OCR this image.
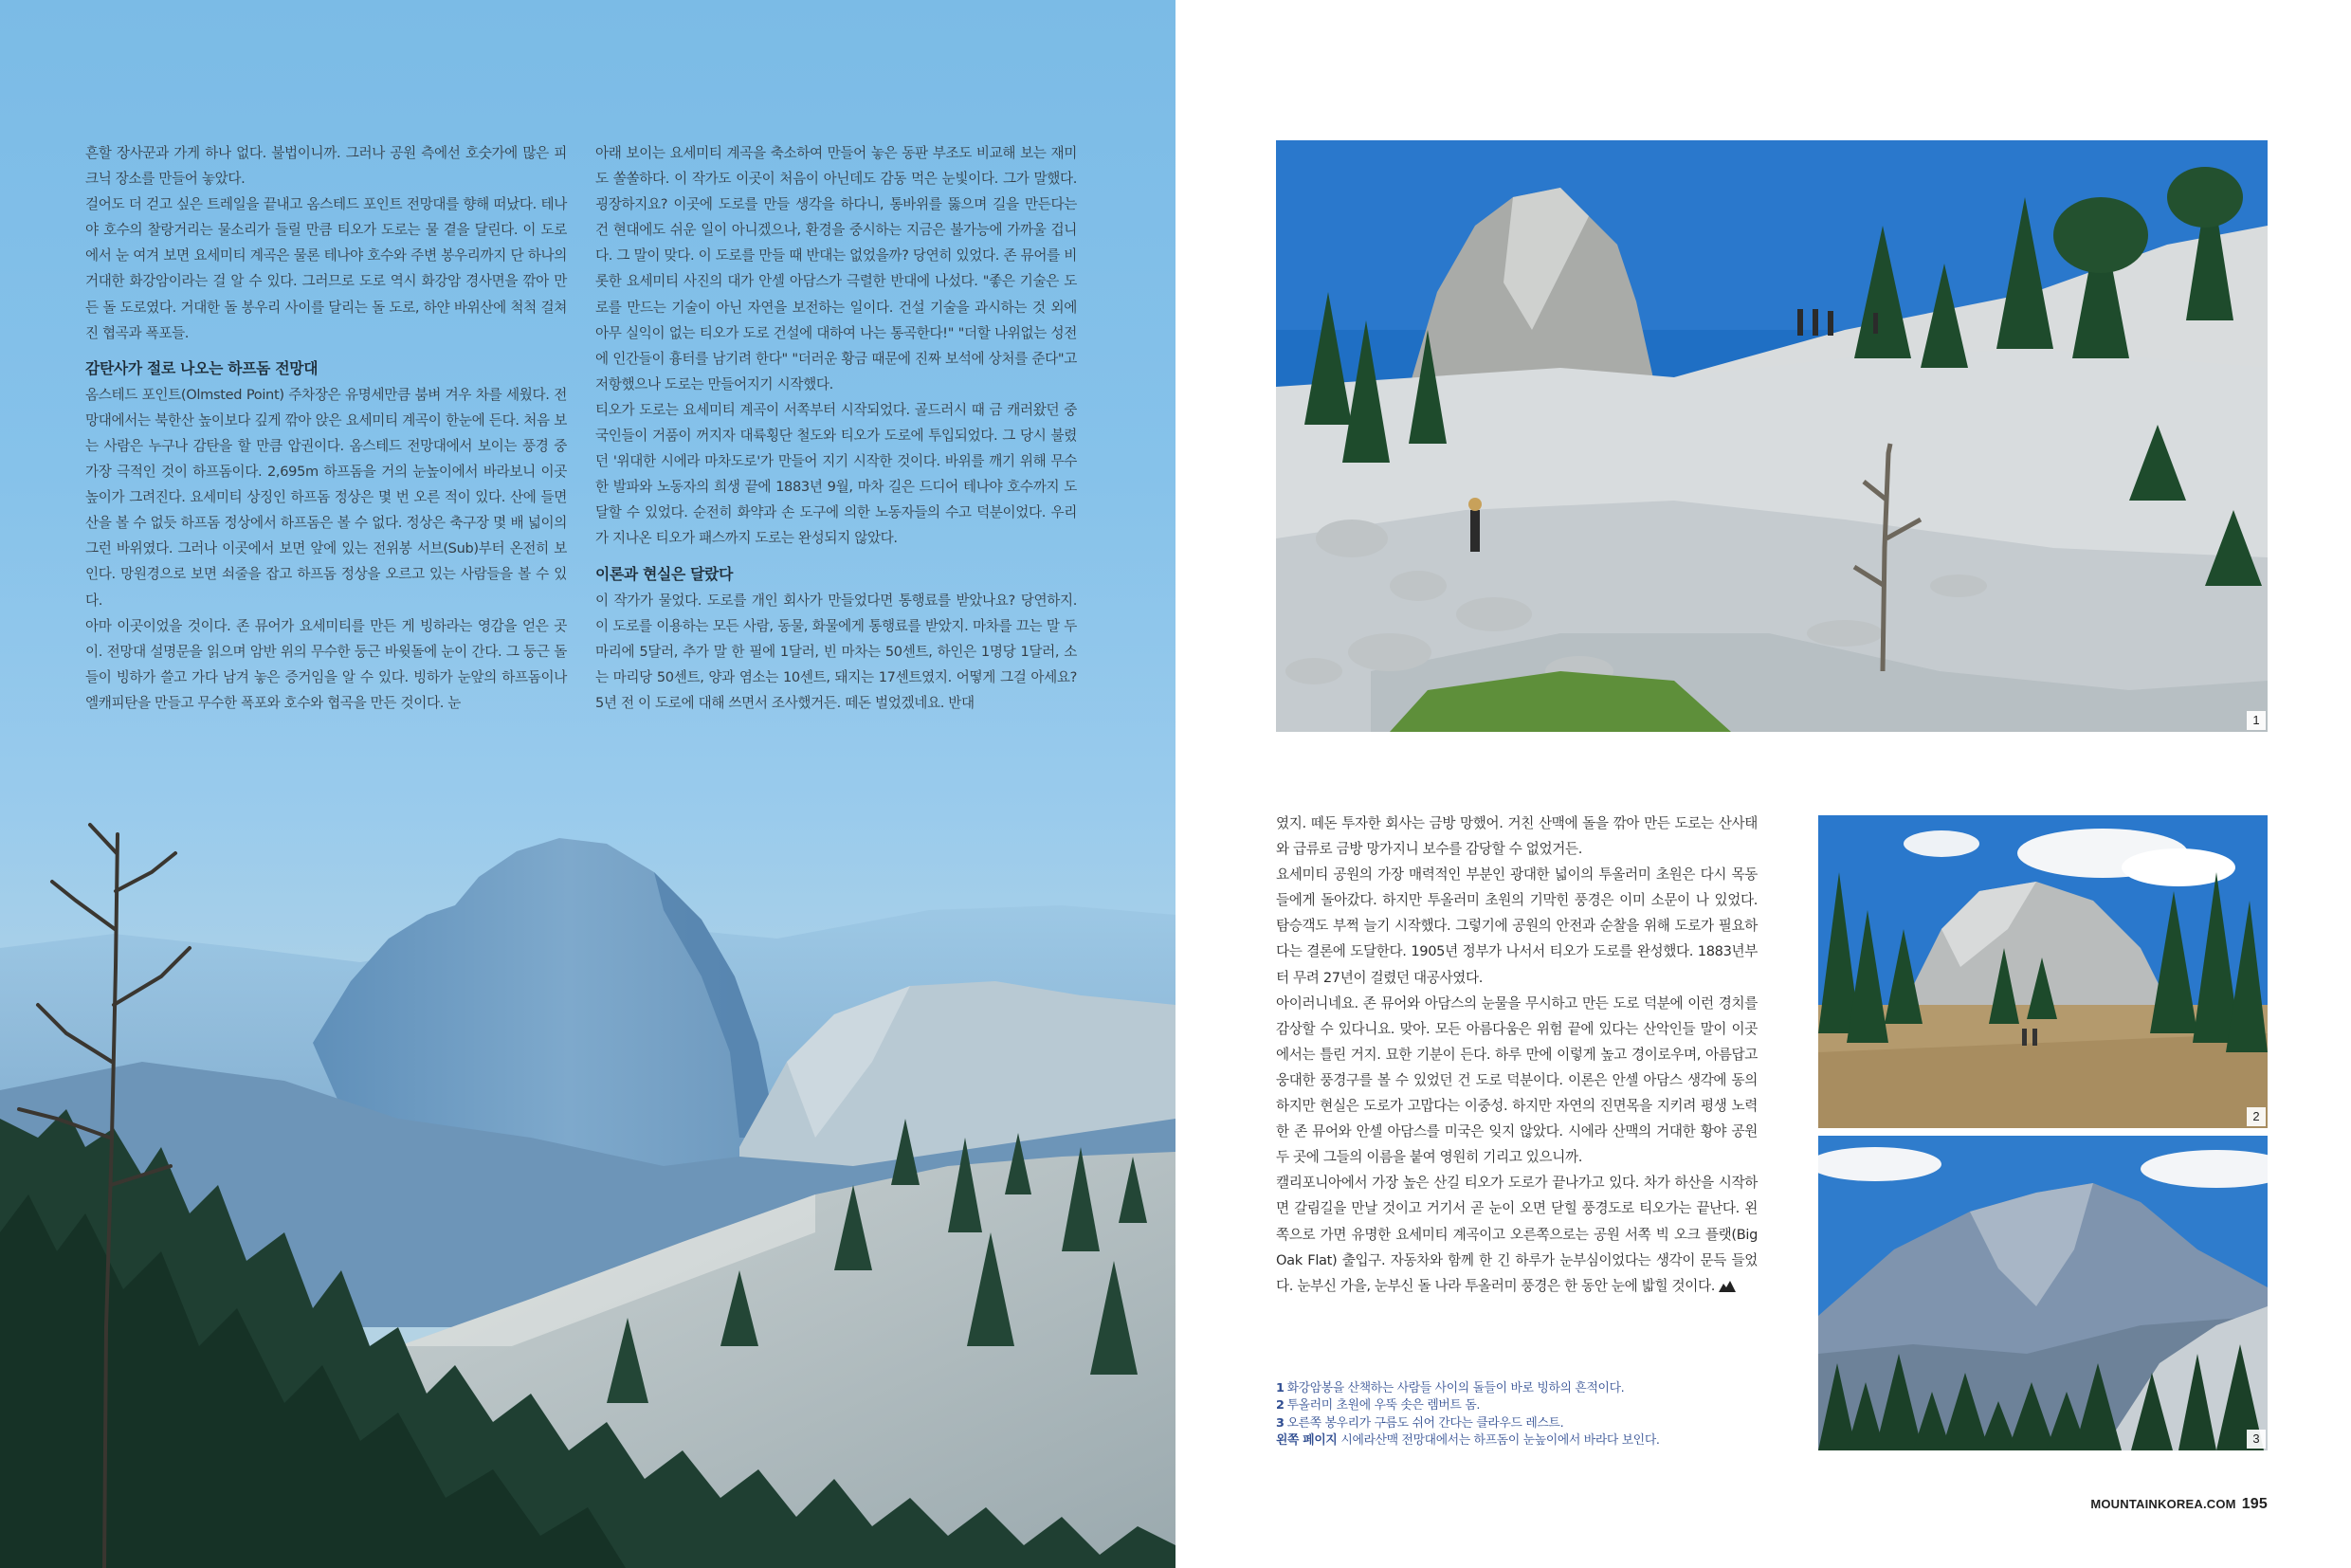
흔할 장사꾼과 가게 하나 없다. 불법이니까. 그러나 공원 측에선 호숫가에 많은 피크닉 장소를 만들어 놓았다.

걸어도 더 걷고 싶은 트레일을 끝내고 옴스테드 포인트 전망대를 향해 떠났다. 테나야 호수의 찰랑거리는 물소리가 들릴 만큼 티오가 도로는 물 곁을 달린다. 이 도로에서 눈 여겨 보면 요세미티 계곡은 물론 테나야 호수와 주변 봉우리까지 단 하나의 거대한 화강암이라는 걸 알 수 있다. 그러므로 도로 역시 화강암 경사면을 깎아 만든 돌 도로였다. 거대한 돌 봉우리 사이를 달리는 돌 도로, 하얀 바위산에 척척 걸쳐진 협곡과 폭포들.

감탄사가 절로 나오는 하프돔 전망대

옴스테드 포인트(Olmsted Point) 주차장은 유명세만큼 붐벼 겨우 차를 세웠다. 전망대에서는 북한산 높이보다 깊게 깎아 앉은 요세미티 계곡이 한눈에 든다. 처음 보는 사람은 누구나 감탄을 할 만큼 압권이다. 옴스테드 전망대에서 보이는 풍경 중 가장 극적인 것이 하프돔이다. 2,695m 하프돔을 거의 눈높이에서 바라보니 이곳 높이가 그려진다. 요세미티 상징인 하프돔 정상은 몇 번 오른 적이 있다. 산에 들면 산을 볼 수 없듯 하프돔 정상에서 하프돔은 볼 수 없다. 정상은 축구장 몇 배 넓이의 그런 바위였다. 그러나 이곳에서 보면 앞에 있는 전위봉 서브(Sub)부터 온전히 보인다. 망원경으로 보면 쇠줄을 잡고 하프돔 정상을 오르고 있는 사람들을 볼 수 있다.

아마 이곳이었을 것이다. 존 뮤어가 요세미티를 만든 게 빙하라는 영감을 얻은 곳이. 전망대 설명문을 읽으며 암반 위의 무수한 둥근 바윗돌에 눈이 간다. 그 둥근 돌들이 빙하가 쓸고 가다 남겨 놓은 증거임을 알 수 있다. 빙하가 눈앞의 하프돔이나 엘캐피탄을 만들고 무수한 폭포와 호수와 협곡을 만든 것이다. 눈

아래 보이는 요세미티 계곡을 축소하여 만들어 놓은 동판 부조도 비교해 보는 재미도 쏠쏠하다. 이 작가도 이곳이 처음이 아닌데도 감동 먹은 눈빛이다. 그가 말했다. 굉장하지요? 이곳에 도로를 만들 생각을 하다니, 통바위를 뚫으며 길을 만든다는 건 현대에도 쉬운 일이 아니겠으나, 환경을 중시하는 지금은 불가능에 가까울 겁니다. 그 말이 맞다. 이 도로를 만들 때 반대는 없었을까? 당연히 있었다. 존 뮤어를 비롯한 요세미티 사진의 대가 안셀 아담스가 극렬한 반대에 나섰다. "좋은 기술은 도로를 만드는 기술이 아닌 자연을 보전하는 일이다. 건설 기술을 과시하는 것 외에 아무 실익이 없는 티오가 도로 건설에 대하여 나는 통곡한다!" "더할 나위없는 성전에 인간들이 흉터를 남기려 한다" "더러운 황금 때문에 진짜 보석에 상처를 준다"고 저항했으나 도로는 만들어지기 시작했다.

티오가 도로는 요세미티 계곡이 서쪽부터 시작되었다. 골드러시 때 금 캐러왔던 중국인들이 거품이 꺼지자 대륙횡단 철도와 티오가 도로에 투입되었다. 그 당시 불렸던 '위대한 시에라 마차도로'가 만들어 지기 시작한 것이다. 바위를 깨기 위해 무수한 발파와 노동자의 희생 끝에 1883년 9월, 마차 길은 드디어 테나야 호수까지 도달할 수 있었다. 순전히 화약과 손 도구에 의한 노동자들의 수고 덕분이었다. 우리가 지나온 티오가 패스까지 도로는 완성되지 않았다.

이론과 현실은 달랐다

이 작가가 물었다. 도로를 개인 회사가 만들었다면 통행료를 받았나요? 당연하지. 이 도로를 이용하는 모든 사람, 동물, 화물에게 통행료를 받았지. 마차를 끄는 말 두 마리에 5달러, 추가 말 한 필에 1달러, 빈 마차는 50센트, 하인은 1명당 1달러, 소는 마리당 50센트, 양과 염소는 10센트, 돼지는 17센트였지. 어떻게 그걸 아세요? 5년 전 이 도로에 대해 쓰면서 조사했거든. 떼돈 벌었겠네요. 반대

1

였지. 떼돈 투자한 회사는 금방 망했어. 거친 산맥에 돌을 깎아 만든 도로는 산사태와 급류로 금방 망가지니 보수를 감당할 수 없었거든.

요세미티 공원의 가장 매력적인 부분인 광대한 넓이의 투올러미 초원은 다시 목동들에게 돌아갔다. 하지만 투올러미 초원의 기막힌 풍경은 이미 소문이 나 있었다. 탐승객도 부쩍 늘기 시작했다. 그렇기에 공원의 안전과 순찰을 위해 도로가 필요하다는 결론에 도달한다. 1905년 정부가 나서서 티오가 도로를 완성했다. 1883년부터 무려 27년이 걸렸던 대공사였다.

아이러니네요. 존 뮤어와 아담스의 눈물을 무시하고 만든 도로 덕분에 이런 경치를 감상할 수 있다니요. 맞아. 모든 아름다움은 위험 끝에 있다는 산악인들 말이 이곳에서는 틀린 거지. 묘한 기분이 든다. 하루 만에 이렇게 높고 경이로우며, 아름답고 웅대한 풍경구를 볼 수 있었던 건 도로 덕분이다. 이론은 안셀 아담스 생각에 동의하지만 현실은 도로가 고맙다는 이중성. 하지만 자연의 진면목을 지키려 평생 노력한 존 뮤어와 안셀 아담스를 미국은 잊지 않았다. 시에라 산맥의 거대한 황야 공원 두 곳에 그들의 이름을 붙여 영원히 기리고 있으니까.

캘리포니아에서 가장 높은 산길 티오가 도로가 끝나가고 있다. 차가 하산을 시작하면 갈림길을 만날 것이고 거기서 곧 눈이 오면 닫힐 풍경도로 티오가는 끝난다. 왼쪽으로 가면 유명한 요세미티 계곡이고 오른쪽으로는 공원 서쪽 빅 오크 플랫(Big Oak Flat) 출입구. 자동차와 함께 한 긴 하루가 눈부심이었다는 생각이 문득 들었다. 눈부신 가을, 눈부신 돌 나라 투올러미 풍경은 한 동안 눈에 밟힐 것이다.

2
3
1 화강암봉을 산책하는 사람들 사이의 돌들이 바로 빙하의 흔적이다.
2 투올러미 초원에 우뚝 솟은 렘버트 돔.
3 오른쪽 봉우리가 구름도 쉬어 간다는 클라우드 레스트.
왼쪽 페이지 시에라산맥 전망대에서는 하프돔이 눈높이에서 바라다 보인다.
MOUNTAINKOREA.COM 195
